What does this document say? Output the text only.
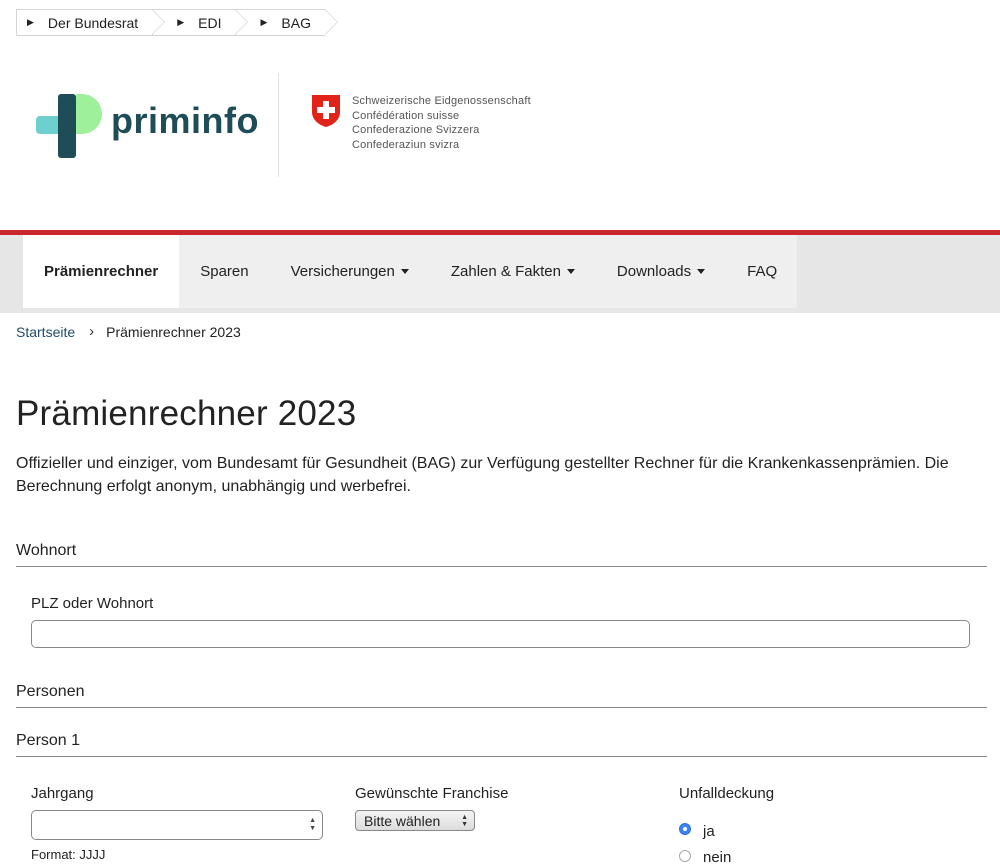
▶ Der Bundesrat	▶ EDI	▶ BAG
priminfo	Schweizerische Eidgenossenschaft
Confédération suisse
Confederazione Svizzera
Confederaziun svizra
Prämienrechner	Sparen	Versicherungen	Zahlen & Fakten	Downloads	FAQ
Startseite › Prämienrechner 2023
Prämienrechner 2023

Offizieller und einziger, vom Bundesamt für Gesundheit (BAG) zur Verfügung gestellter Rechner für die Krankenkassenprämien. Die Berechnung erfolgt anonym, unabhängig und werbefrei.

Wohnort
PLZ oder Wohnort
Personen
Person 1
Jahrgang
▲
▼
Format: JJJJ
Gewünschte Franchise
Bitte wählen	▲
▼
Unfalldeckung
ja
nein
